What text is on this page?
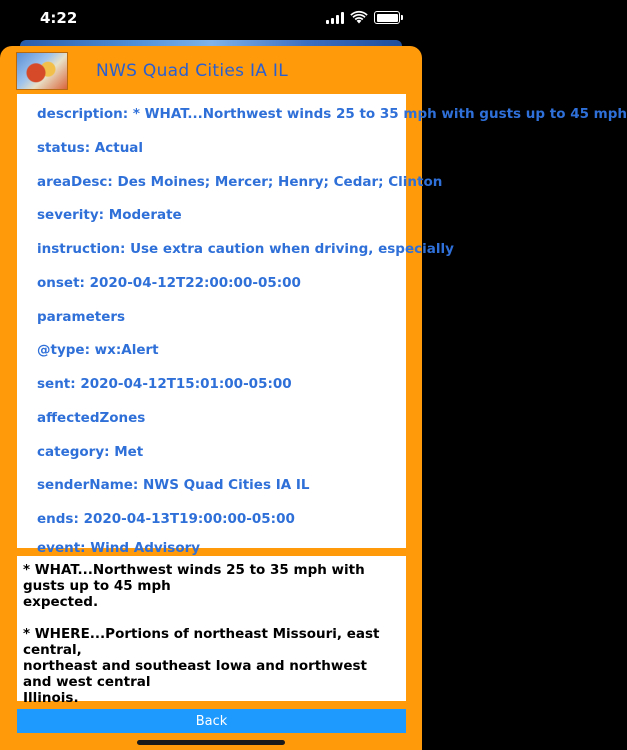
4:22
NWS Quad Cities IA IL
description: * WHAT...Northwest winds 25 to 35 mph with gusts up to 45 mph
status: Actual
areaDesc: Des Moines; Mercer; Henry; Cedar; Clinton
severity: Moderate
instruction: Use extra caution when driving, especially
onset: 2020-04-12T22:00:00-05:00
parameters
@type: wx:Alert
sent: 2020-04-12T15:01:00-05:00
affectedZones
category: Met
senderName: NWS Quad Cities IA IL
ends: 2020-04-13T19:00:00-05:00
event: Wind Advisory
* WHAT...Northwest winds 25 to 35 mph with gusts up to 45 mph
expected.

* WHERE...Portions of northeast Missouri, east central,
northeast and southeast Iowa and northwest and west central
Illinois.
Back
